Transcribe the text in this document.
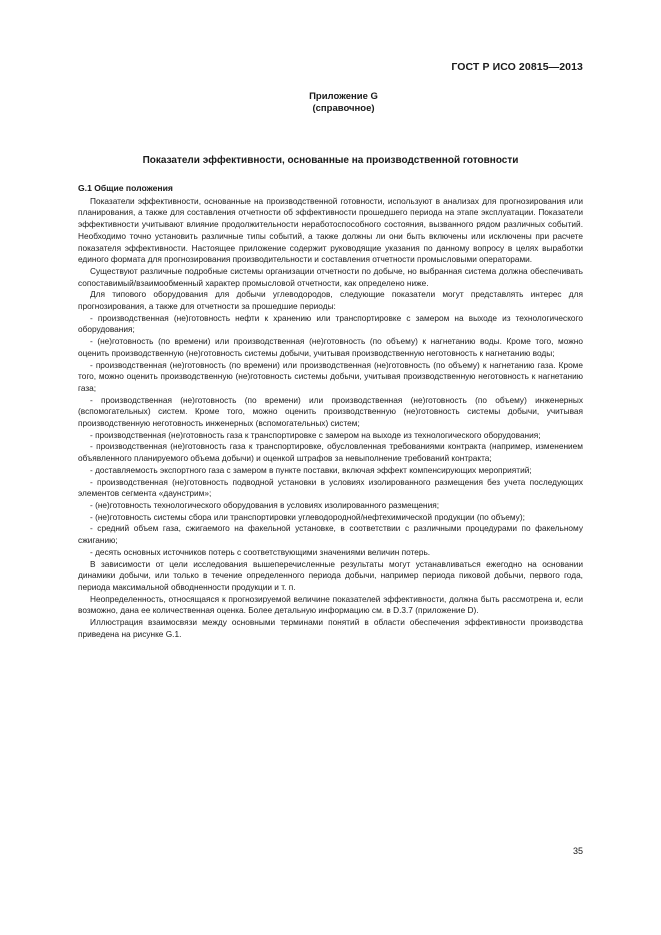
ГОСТ Р ИСО 20815—2013
Приложение G
(справочное)
Показатели эффективности, основанные на производственной готовности
G.1 Общие положения

Показатели эффективности, основанные на производственной готовности, используют в анализах для прогнозирования или планирования, а также для составления отчетности об эффективности прошедшего периода на этапе эксплуатации. Показатели эффективности учитывают влияние продолжительности неработоспособного состояния, вызванного рядом различных событий. Необходимо точно установить различные типы событий, а также должны ли они быть включены или исключены при расчете показателя эффективности. Настоящее приложение содержит руководящие указания по данному вопросу в целях выработки единого формата для прогнозирования производительности и составления отчетности промысловыми операторами.

Существуют различные подробные системы организации отчетности по добыче, но выбранная система должна обеспечивать сопоставимый/взаимообменный характер промысловой отчетности, как определено ниже.

Для типового оборудования для добычи углеводородов, следующие показатели могут представлять интерес для прогнозирования, а также для отчетности за прошедшие периоды:

- производственная (не)готовность нефти к хранению или транспортировке с замером на выходе из технологического оборудования;

- (не)готовность (по времени) или производственная (не)готовность (по объему) к нагнетанию воды. Кроме того, можно оценить производственную (не)готовность системы добычи, учитывая производственную неготовность к нагнетанию воды;

- производственная (не)готовность (по времени) или производственная (не)готовность (по объему) к нагнетанию газа. Кроме того, можно оценить производственную (не)готовность системы добычи, учитывая производственную неготовность к нагнетанию газа;

- производственная (не)готовность (по времени) или производственная (не)готовность (по объему) инженерных (вспомогательных) систем. Кроме того, можно оценить производственную (не)готовность системы добычи, учитывая производственную неготовность инженерных (вспомогательных) систем;

- производственная (не)готовность газа к транспортировке с замером на выходе из технологического оборудования;

- производственная (не)готовность газа к транспортировке, обусловленная требованиями контракта (например, изменением объявленного планируемого объема добычи) и оценкой штрафов за невыполнение требований контракта;

- доставляемость экспортного газа с замером в пункте поставки, включая эффект компенсирующих мероприятий;

- производственная (не)готовность подводной установки в условиях изолированного размещения без учета последующих элементов сегмента «даунстрим»;

- (не)готовность технологического оборудования в условиях изолированного размещения;

- (не)готовность системы сбора или транспортировки углеводородной/нефтехимической продукции (по объему);

- средний объем газа, сжигаемого на факельной установке, в соответствии с различными процедурами по факельному сжиганию;

- десять основных источников потерь с соответствующими значениями величин потерь.

В зависимости от цели исследования вышеперечисленные результаты могут устанавливаться ежегодно на основании динамики добычи, или только в течение определенного периода добычи, например периода пиковой добычи, первого года, периода максимальной обводненности продукции и т. п.

Неопределенность, относящаяся к прогнозируемой величине показателей эффективности, должна быть рассмотрена и, если возможно, дана ее количественная оценка. Более детальную информацию см. в D.3.7 (приложение D).

Иллюстрация взаимосвязи между основными терминами понятий в области обеспечения эффективности производства приведена на рисунке G.1.

35
